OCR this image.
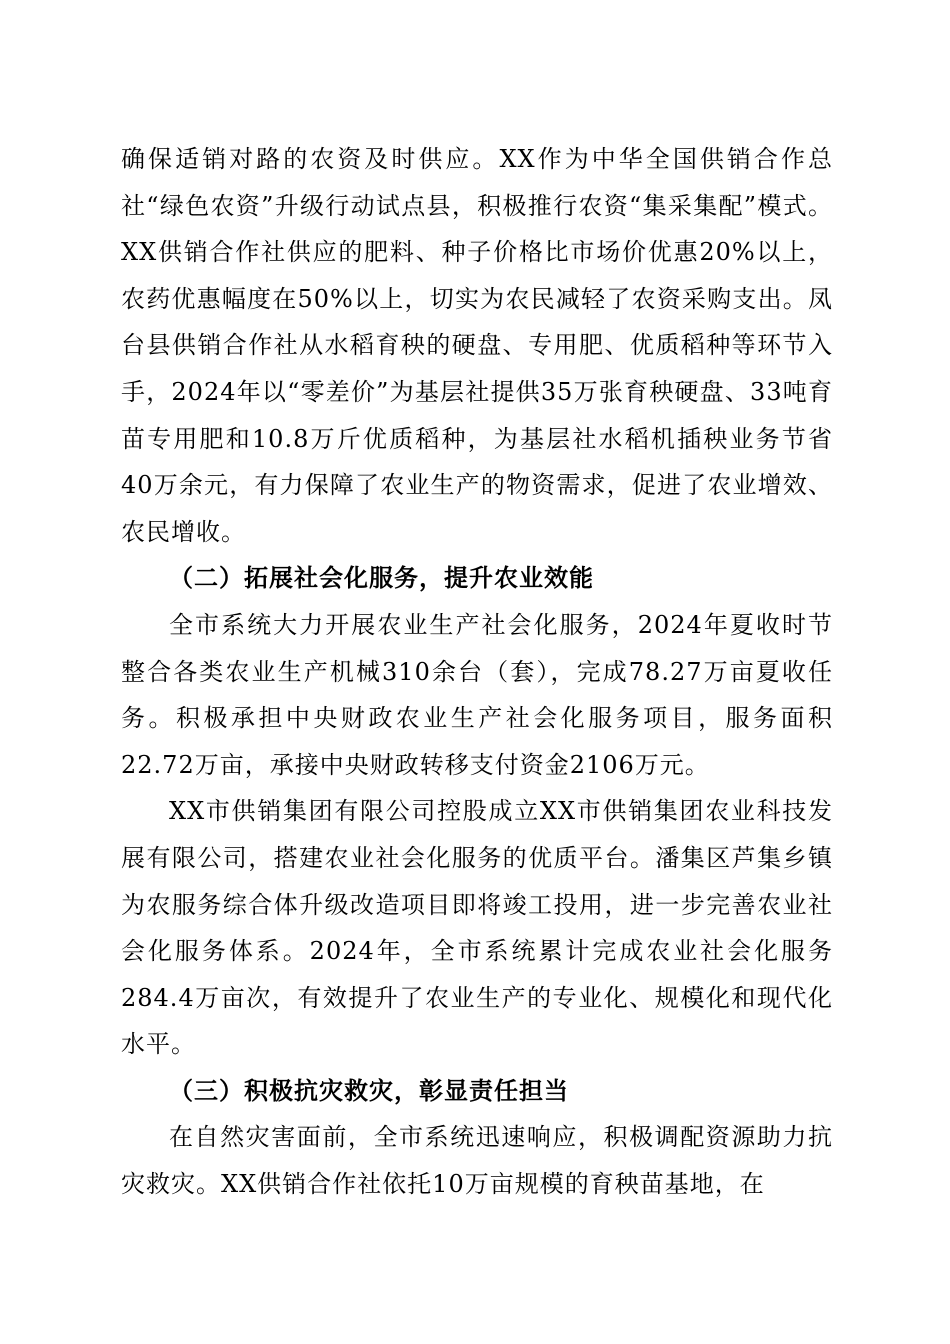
确保适销对路的农资及时供应。XX作为中华全国供销合作总社“绿色农资”升级行动试点县，积极推行农资“集采集配”模式。XX供销合作社供应的肥料、种子价格比市场价优惠20%以上，农药优惠幅度在50%以上，切实为农民减轻了农资采购支出。凤台县供销合作社从水稻育秧的硬盘、专用肥、优质稻种等环节入手，2024年以“零差价”为基层社提供35万张育秧硬盘、33吨育苗专用肥和10.8万斤优质稻种，为基层社水稻机插秧业务节省40万余元，有力保障了农业生产的物资需求，促进了农业增效、农民增收。

（二）拓展社会化服务，提升农业效能

全市系统大力开展农业生产社会化服务，2024年夏收时节整合各类农业生产机械310余台（套），完成78.27万亩夏收任务。积极承担中央财政农业生产社会化服务项目，服务面积22.72万亩，承接中央财政转移支付资金2106万元。

XX市供销集团有限公司控股成立XX市供销集团农业科技发展有限公司，搭建农业社会化服务的优质平台。潘集区芦集乡镇为农服务综合体升级改造项目即将竣工投用，进一步完善农业社会化服务体系。2024年，全市系统累计完成农业社会化服务284.4万亩次，有效提升了农业生产的专业化、规模化和现代化水平。

（三）积极抗灾救灾，彰显责任担当

在自然灾害面前，全市系统迅速响应，积极调配资源助力抗灾救灾。XX供销合作社依托10万亩规模的育秧苗基地，在
